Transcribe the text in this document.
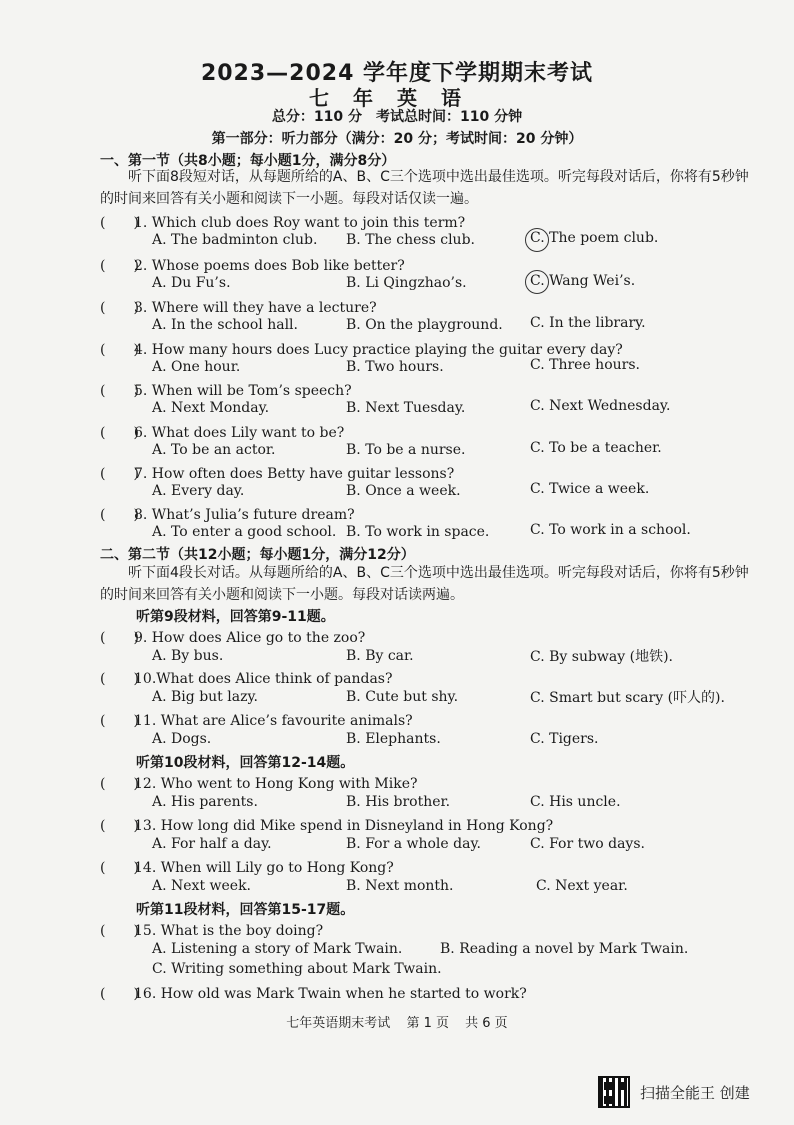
2023—2024 学年度下学期期末考试
七年英语
总分：110 分　考试总时间：110 分钟
第一部分：听力部分（满分：20 分；考试时间：20 分钟）
一、第一节（共8小题；每小题1分，满分8分）
听下面8段短对话，从每题所给的A、B、C三个选项中选出最佳选项。听完每段对话后，你将有5秒钟的时间来回答有关小题和阅读下一小题。每段对话仅读一遍。
(　　)1. Which club does Roy want to join this term?
A. The badminton club. B. The chess club.	C. The poem club.
(　　)2. Whose poems does Bob like better?
A. Du Fu’s.	B. Li Qingzhao’s.	C. Wang Wei’s.
(　　)3. Where will they have a lecture?
A. In the school hall.	B. On the playground. C. In the library.
(　　)4. How many hours does Lucy practice playing the guitar every day?
A. One hour.	B. Two hours.	C. Three hours.
(　　)5. When will be Tom’s speech?
A. Next Monday.	B. Next Tuesday.	C. Next Wednesday.
(　　)6. What does Lily want to be?
A. To be an actor.	B. To be a nurse.	C. To be a teacher.
(　　)7. How often does Betty have guitar lessons?
A. Every day.	B. Once a week.	C. Twice a week.
(　　)8. What’s Julia’s future dream?
A. To enter a good school. B. To work in space.	C. To work in a school.
二、第二节（共12小题；每小题1分，满分12分）
听下面4段长对话。从每题所给的A、B、C三个选项中选出最佳选项。听完每段对话后，你将有5秒钟的时间来回答有关小题和阅读下一小题。每段对话读两遍。
听第9段材料，回答第9-11题。
(　　)9. How does Alice go to the zoo?
A. By bus.	B. By car.	C. By subway (地铁).
(　　)10.What does Alice think of pandas?
A. Big but lazy.	B. Cute but shy.	C. Smart but scary (吓人的).
(　　)11. What are Alice’s favourite animals?
A. Dogs.	B. Elephants.	C. Tigers.
听第10段材料，回答第12-14题。
(　　)12. Who went to Hong Kong with Mike?
A. His parents.	B. His brother.	C. His uncle.
(　　)13. How long did Mike spend in Disneyland in Hong Kong?
A. For half a day.	B. For a whole day.	C. For two days.
(　　)14. When will Lily go to Hong Kong?
A. Next week.	B. Next month.	C. Next year.
听第11段材料，回答第15-17题。
(　　)15. What is the boy doing?
A. Listening a story of Mark Twain.	B. Reading a novel by Mark Twain.
C. Writing something about Mark Twain.
(　　)16. How old was Mark Twain when he started to work?
七年英语期末考试 第 1 页 共 6 页
扫描全能王 创建
